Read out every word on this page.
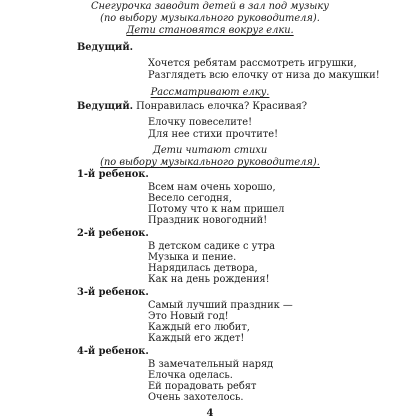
Снегурочка заводит детей в зал под музыку

(по выбору музыкального руководителя).

Дети становятся вокруг елки.

Ведущий.

Хочется ребятам рассмотреть игрушки,

Разглядеть всю елочку от низа до макушки!

Рассматривают елку.

Ведущий. Понравилась елочка? Красивая?

Елочку повеселите!

Для нее стихи прочтите!

Дети читают стихи

(по выбору музыкального руководителя).

4

1-й ребенок.

Всем нам очень хорошо,

Весело сегодня,

Потому что к нам пришел

Праздник новогодний!

2-й ребенок.

В детском садике с утра

Музыка и пение.

Нарядилась детвора,

Как на день рождения!

3-й ребенок.

Самый лучший праздник —

Это Новый год!

Каждый его любит,

Каждый его ждет!

4-й ребенок.

В замечательный наряд

Елочка оделась.

Ей порадовать ребят

Очень захотелось.
